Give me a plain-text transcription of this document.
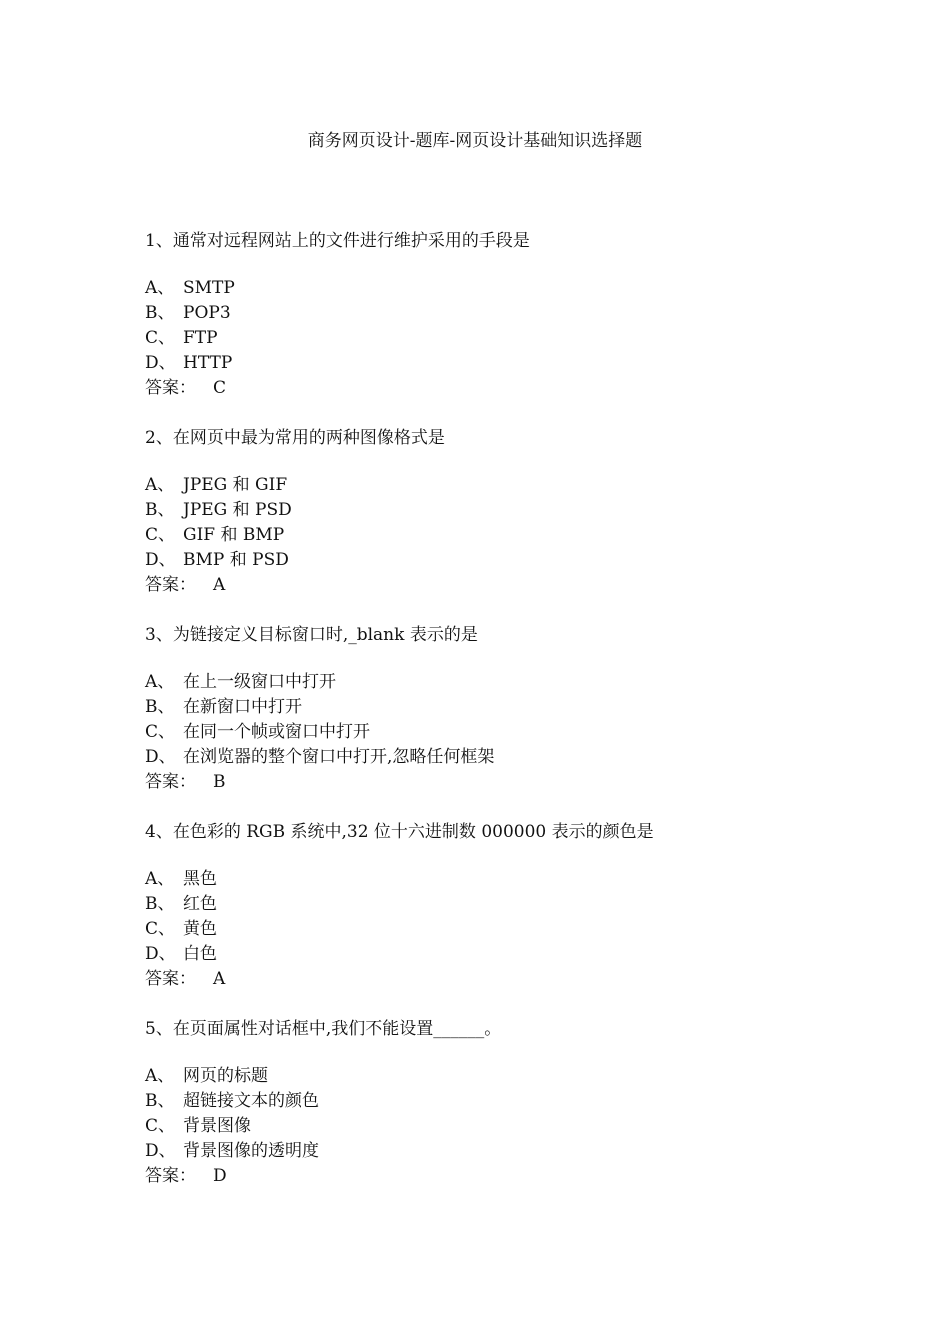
商务网页设计-题库-网页设计基础知识选择题
1、通常对远程网站上的文件进行维护采用的手段是
A、 SMTP
B、 POP3
C、 FTP
D、 HTTP
答案： C
2、在网页中最为常用的两种图像格式是
A、 JPEG 和 GIF
B、 JPEG 和 PSD
C、 GIF 和 BMP
D、 BMP 和 PSD
答案： A
3、为链接定义目标窗口时,_blank 表示的是
A、 在上一级窗口中打开
B、 在新窗口中打开
C、 在同一个帧或窗口中打开
D、 在浏览器的整个窗口中打开,忽略任何框架
答案： B
4、在色彩的 RGB 系统中,32 位十六进制数 000000 表示的颜色是
A、 黑色
B、 红色
C、 黄色
D、 白色
答案： A
5、在页面属性对话框中,我们不能设置______。
A、 网页的标题
B、 超链接文本的颜色
C、 背景图像
D、 背景图像的透明度
答案： D
